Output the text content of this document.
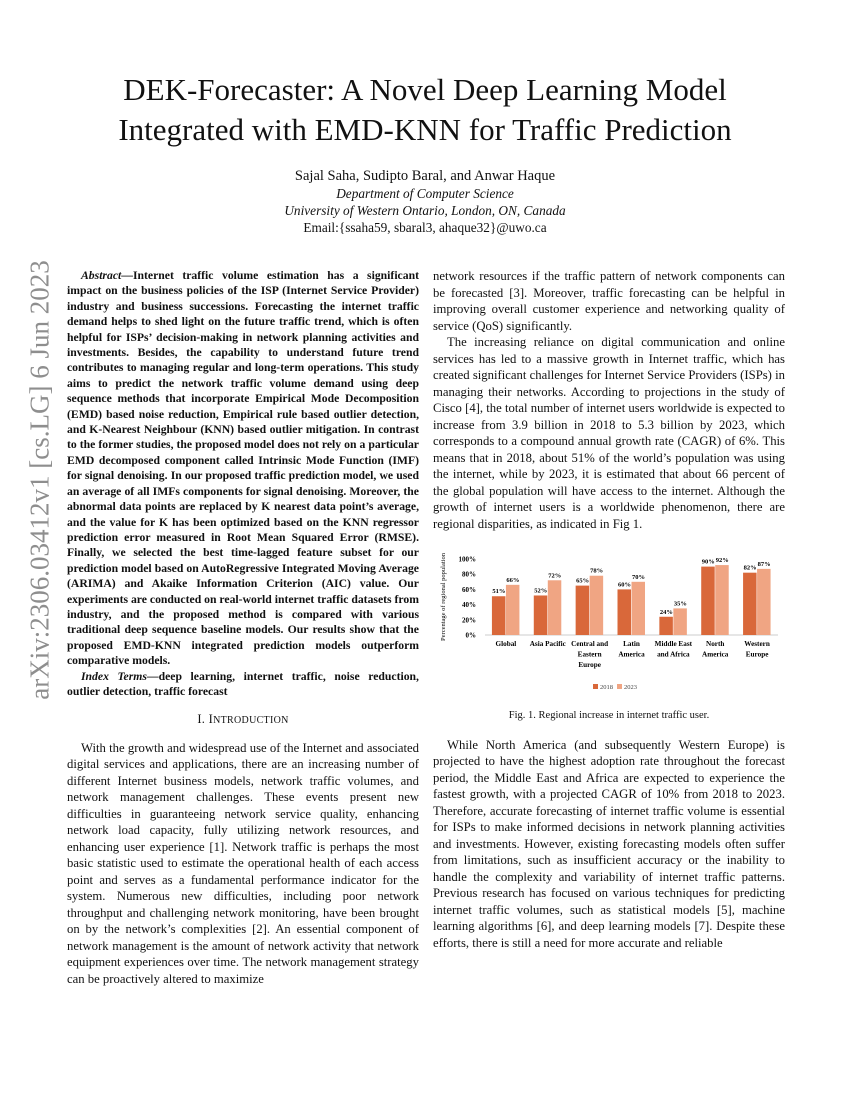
arXiv:2306.03412v1 [cs.LG] 6 Jun 2023
DEK-Forecaster: A Novel Deep Learning Model
Integrated with EMD-KNN for Traffic Prediction
Sajal Saha, Sudipto Baral, and Anwar Haque
Department of Computer Science
University of Western Ontario, London, ON, Canada
Email:{ssaha59, sbaral3, ahaque32}@uwo.ca

Abstract—Internet traffic volume estimation has a significant impact on the business policies of the ISP (Internet Service Provider) industry and business successions. Forecasting the internet traffic demand helps to shed light on the future traffic trend, which is often helpful for ISPs’ decision-making in network planning activities and investments. Besides, the capability to understand future trend contributes to managing regular and long-term operations. This study aims to predict the network traffic volume demand using deep sequence methods that incorporate Empirical Mode Decomposition (EMD) based noise reduction, Empirical rule based outlier detection, and K-Nearest Neighbour (KNN) based outlier mitigation. In contrast to the former studies, the proposed model does not rely on a particular EMD decomposed component called Intrinsic Mode Function (IMF) for signal denoising. In our proposed traffic prediction model, we used an average of all IMFs components for signal denoising. Moreover, the abnormal data points are replaced by K nearest data point’s average, and the value for K has been optimized based on the KNN regressor prediction error measured in Root Mean Squared Error (RMSE). Finally, we selected the best time-lagged feature subset for our prediction model based on AutoRegressive Integrated Moving Average (ARIMA) and Akaike Information Criterion (AIC) value. Our experiments are conducted on real-world internet traffic datasets from industry, and the proposed method is compared with various traditional deep sequence baseline models. Our results show that the proposed EMD-KNN integrated prediction models outperform comparative models.

Index Terms—deep learning, internet traffic, noise reduction, outlier detection, traffic forecast

I. INTRODUCTION

With the growth and widespread use of the Internet and associated digital services and applications, there are an increasing number of different Internet business models, network traffic volumes, and network management challenges. These events present new difficulties in guaranteeing network service quality, enhancing network load capacity, fully utilizing network resources, and enhancing user experience [1]. Network traffic is perhaps the most basic statistic used to estimate the operational health of each access point and serves as a fundamental performance indicator for the system. Numerous new difficulties, including poor network throughput and challenging network monitoring, have been brought on by the network’s complexities [2]. An essential component of network management is the amount of network activity that network equipment experiences over time. The network management strategy can be proactively altered to maximize

network resources if the traffic pattern of network components can be forecasted [3]. Moreover, traffic forecasting can be helpful in improving overall customer experience and networking quality of service (QoS) significantly.

The increasing reliance on digital communication and online services has led to a massive growth in Internet traffic, which has created significant challenges for Internet Service Providers (ISPs) in managing their networks. According to projections in the study of Cisco [4], the total number of internet users worldwide is expected to increase from 3.9 billion in 2018 to 5.3 billion by 2023, which corresponds to a compound annual growth rate (CAGR) of 6%. This means that in 2018, about 51% of the world’s population was using the internet, while by 2023, it is estimated that about 66 percent of the global population will have access to the internet. Although the growth of internet users is a worldwide phenomenon, there are regional disparities, as indicated in Fig 1.

Percentage of regional population	0%
20%
40%
60%
80%
100%
51%
66%
Global
52%
72%
Asia Pacific
65%
78%
Central and
Eastern
Europe
60%
70%
Latin
America
24%
35%
Middle East
and Africa
90% 92%
North
America
82%
87%
Western
Europe
2018 2023
Fig. 1. Regional increase in internet traffic user.

While North America (and subsequently Western Europe) is projected to have the highest adoption rate throughout the forecast period, the Middle East and Africa are expected to experience the fastest growth, with a projected CAGR of 10% from 2018 to 2023. Therefore, accurate forecasting of internet traffic volume is essential for ISPs to make informed decisions in network planning activities and investments. However, existing forecasting models often suffer from limitations, such as insufficient accuracy or the inability to handle the complexity and variability of internet traffic patterns. Previous research has focused on various techniques for predicting internet traffic volumes, such as statistical models [5], machine learning algorithms [6], and deep learning models [7]. Despite these efforts, there is still a need for more accurate and reliable
